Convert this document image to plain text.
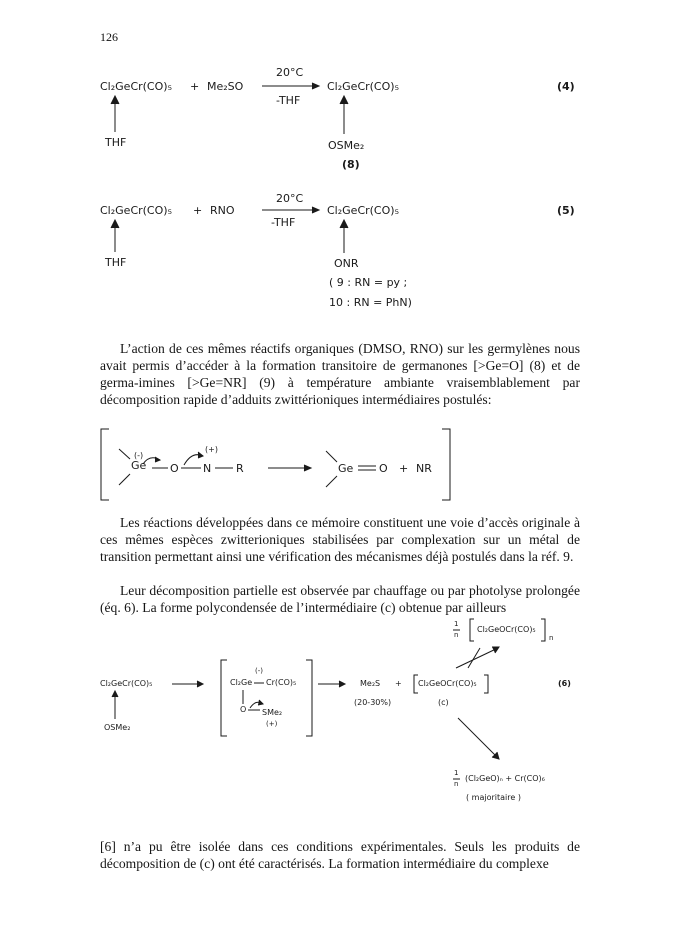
126
Cl₂GeCr(CO)₅ + Me₂SO
20°C
-THF
Cl₂GeCr(CO)₅
THF	OSMe₂
(8)
(4)
Cl₂GeCr(CO)₅ + RNO
20°C
-THF
Cl₂GeCr(CO)₅
THF	ONR
( 9 : RN = py ;
10 : RN = PhN)
(5)

L’action de ces mêmes réactifs organiques (DMSO, RNO) sur les germylènes nous avait permis d’accéder à la formation transitoire de germanones [>Ge=O] (8) et de germa-imines [>Ge=NR] (9) à température ambiante vraisemblablement par décomposition rapide d’adduits zwittérioniques intermédiaires postulés:

(-)
Ge O
(+)
N R	Ge O + NR

Les réactions développées dans ce mémoire constituent une voie d’accès originale à ces mêmes espèces zwitterioniques stabilisées par complexation sur un métal de transition permettant ainsi une vérification des mécanismes déjà postulés dans la réf. 9.

Leur décomposition partielle est observée par chauffage ou par photolyse prolongée (éq. 6). La forme polycondensée de l’intermédiaire (c) obtenue par ailleurs

1
n
Cl₂GeOCr(CO)₅
n
Cl₂GeCr(CO)₅
OSMe₂
(-)
Cl₂Ge Cr(CO)₅
O SMe₂
(+)
Me₂S + Cl₂GeOCr(CO)₅
(20-30%)	(c)
(6)
1
n
(Cl₂GeO)ₙ + Cr(CO)₆
( majoritaire )

[6] n’a pu être isolée dans ces conditions expérimentales. Seuls les produits de décomposition de (c) ont été caractérisés. La formation intermédiaire du complexe
